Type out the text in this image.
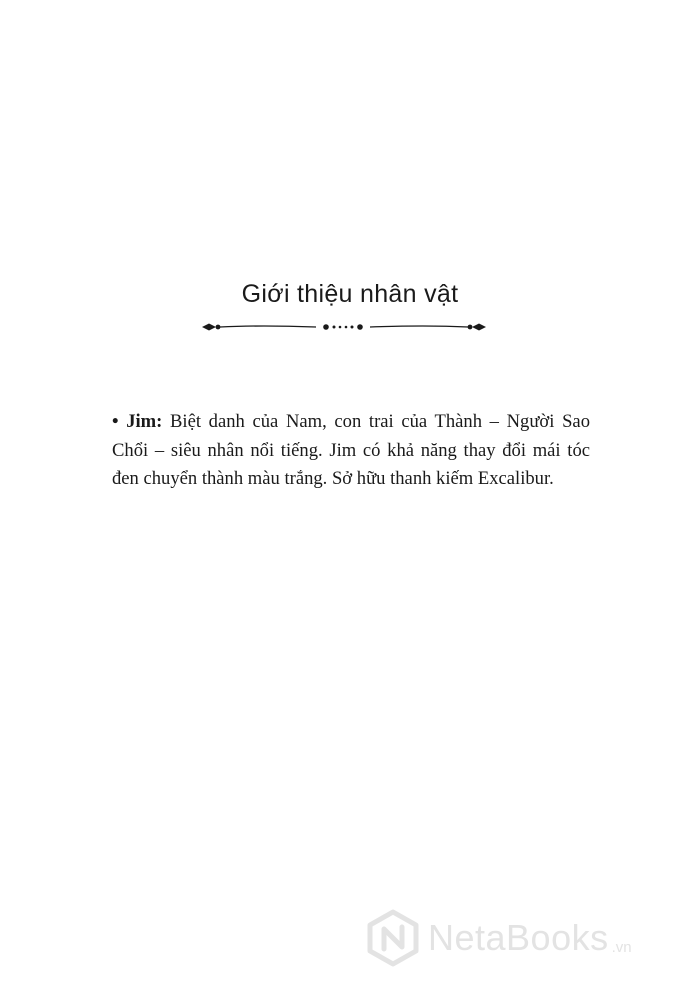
Giới thiệu nhân vật
• Jim: Biệt danh của Nam, con trai của Thành – Người Sao Chổi – siêu nhân nổi tiếng. Jim có khả năng thay đổi mái tóc đen chuyển thành màu trắng. Sở hữu thanh kiếm Excalibur.
NetaBooks .vn
